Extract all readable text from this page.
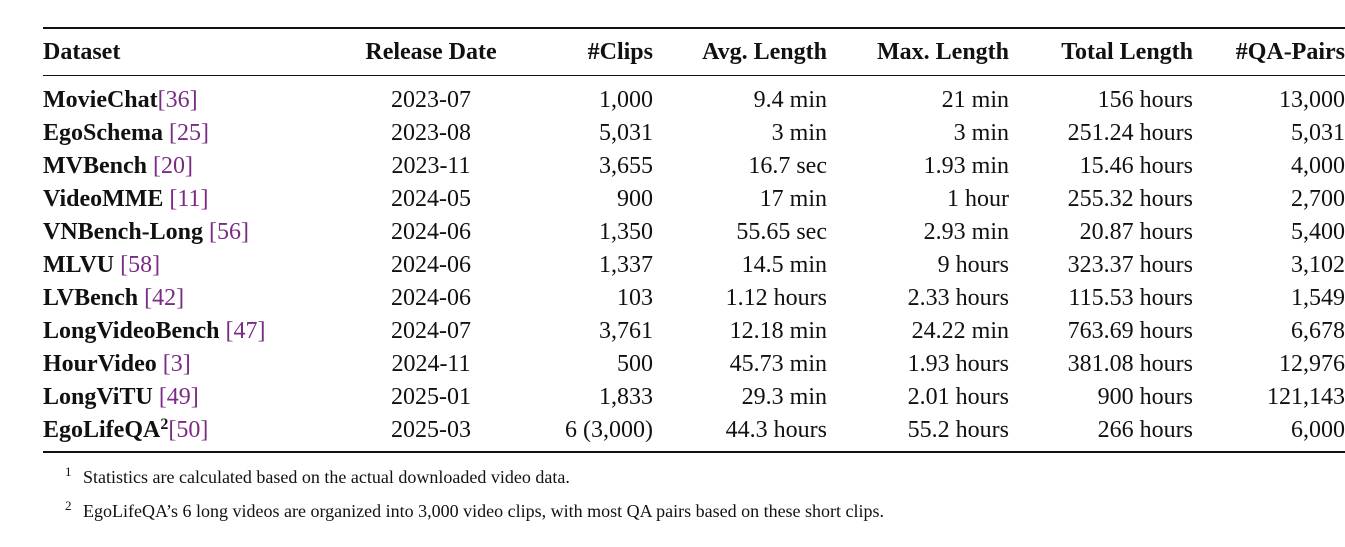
Dataset	Release Date	#Clips	Avg. Length	Max. Length	Total Length	#QA-Pairs
MovieChat[36]	2023-07	1,000	9.4 min	21 min	156 hours	13,000
EgoSchema [25]	2023-08	5,031	3 min	3 min	251.24 hours	5,031
MVBench [20]	2023-11	3,655	16.7 sec	1.93 min	15.46 hours	4,000
VideoMME [11]	2024-05	900	17 min	1 hour	255.32 hours	2,700
VNBench-Long [56]	2024-06	1,350	55.65 sec	2.93 min	20.87 hours	5,400
MLVU [58]	2024-06	1,337	14.5 min	9 hours	323.37 hours	3,102
LVBench [42]	2024-06	103	1.12 hours	2.33 hours	115.53 hours	1,549
LongVideoBench [47]	2024-07	3,761	12.18 min	24.22 min	763.69 hours	6,678
HourVideo [3]	2024-11	500	45.73 min	1.93 hours	381.08 hours	12,976
LongViTU [49]	2025-01	1,833	29.3 min	2.01 hours	900 hours	121,143
EgoLifeQA$^2$[50]	2025-03	6 (3,000)	44.3 hours	55.2 hours	266 hours	6,000
1 Statistics are calculated based on the actual downloaded video data.
2 EgoLifeQA’s 6 long videos are organized into 3,000 video clips, with most QA pairs based on these short clips.
